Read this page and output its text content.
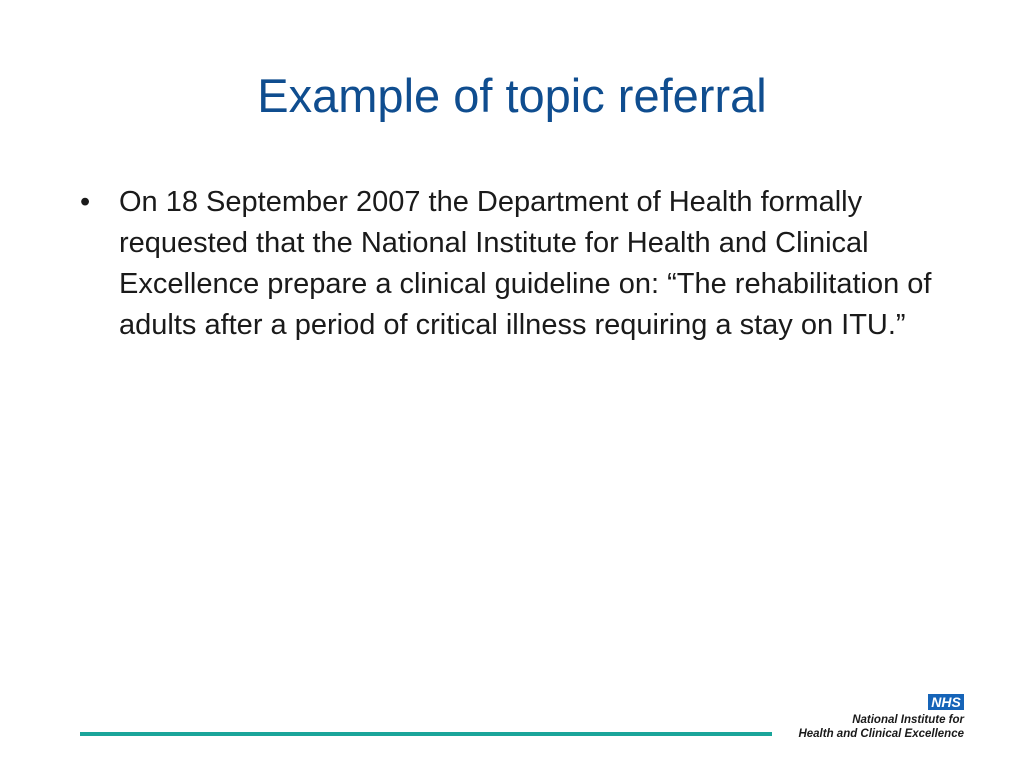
Example of topic referral
• On 18 September 2007 the Department of Health formally requested that the National Institute for Health and Clinical Excellence prepare a clinical guideline on: “The rehabilitation of adults after a period of critical illness requiring a stay on ITU.”
NHS
National Institute for
Health and Clinical Excellence
